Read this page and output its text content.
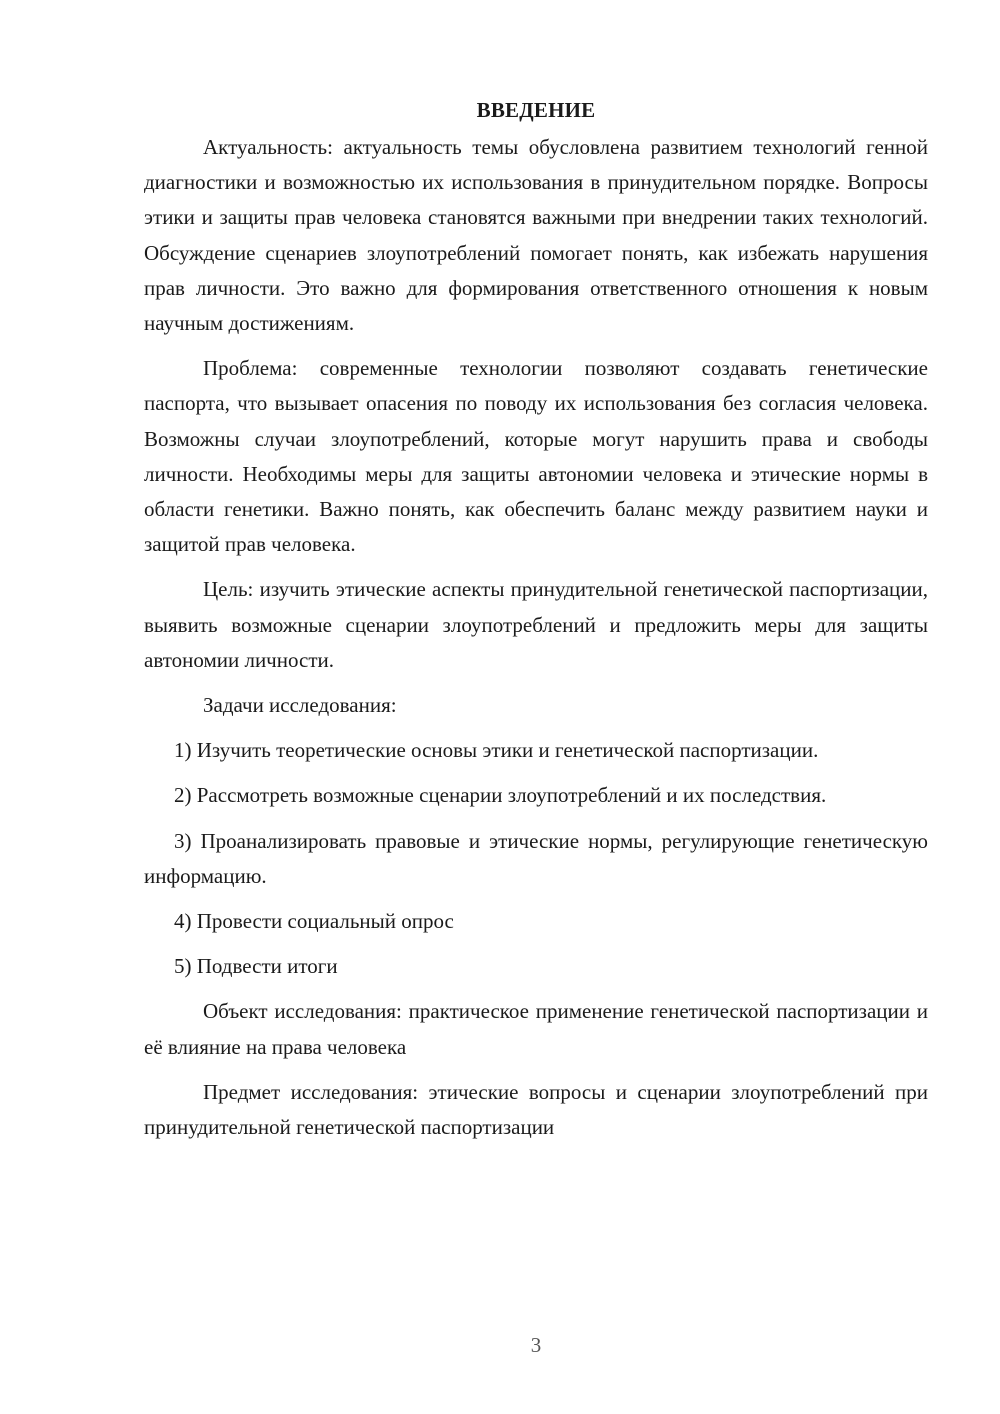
ВВЕДЕНИЕ

Актуальность: актуальность темы обусловлена развитием технологий генной диагностики и возможностью их использования в принудительном порядке. Вопросы этики и защиты прав человека становятся важными при внедрении таких технологий. Обсуждение сценариев злоупотреблений помогает понять, как избежать нарушения прав личности. Это важно для формирования ответственного отношения к новым научным достижениям.

Проблема: современные технологии позволяют создавать генетические паспорта, что вызывает опасения по поводу их использования без согласия человека. Возможны случаи злоупотреблений, которые могут нарушить права и свободы личности. Необходимы меры для защиты автономии человека и этические нормы в области генетики. Важно понять, как обеспечить баланс между развитием науки и защитой прав человека.

Цель: изучить этические аспекты принудительной генетической паспортизации, выявить возможные сценарии злоупотреблений и предложить меры для защиты автономии личности.

Задачи исследования:

1) Изучить теоретические основы этики и генетической паспортизации.

2) Рассмотреть возможные сценарии злоупотреблений и их последствия.

3) Проанализировать правовые и этические нормы, регулирующие генетическую информацию.

4) Провести социальный опрос

5) Подвести итоги

Объект исследования: практическое применение генетической паспортизации и её влияние на права человека

Предмет исследования: этические вопросы и сценарии злоупотреблений при принудительной генетической паспортизации

3
